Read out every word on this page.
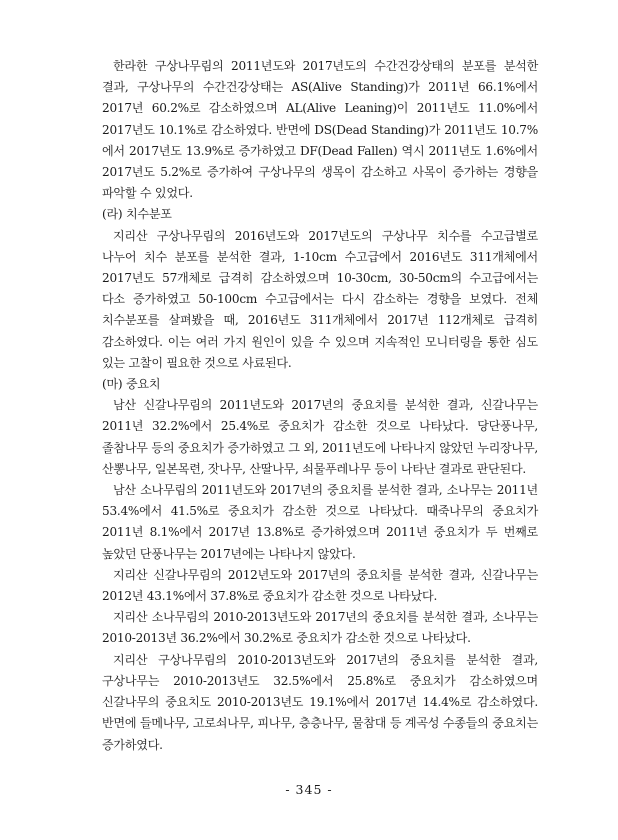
한라한 구상나무림의 2011년도와 2017년도의 수간건강상태의 분포를 분석한 결과, 구상나무의 수간건강상태는 AS(Alive Standing)가 2011년 66.1%에서 2017년 60.2%로 감소하였으며 AL(Alive Leaning)이 2011년도 11.0%에서 2017년도 10.1%로 감소하였다. 반면에 DS(Dead Standing)가 2011년도 10.7%에서 2017년도 13.9%로 증가하였고 DF(Dead Fallen) 역시 2011년도 1.6%에서 2017년도 5.2%로 증가하여 구상나무의 생목이 감소하고 사목이 증가하는 경향을 파악할 수 있었다.

(라) 치수분포

지리산 구상나무림의 2016년도와 2017년도의 구상나무 치수를 수고급별로 나누어 치수 분포를 분석한 결과, 1-10cm 수고급에서 2016년도 311개체에서 2017년도 57개체로 급격히 감소하였으며 10-30cm, 30-50cm의 수고급에서는 다소 증가하였고 50-100cm 수고급에서는 다시 감소하는 경향을 보였다. 전체 치수분포를 살펴봤을 때, 2016년도 311개체에서 2017년 112개체로 급격히 감소하였다. 이는 여러 가지 원인이 있을 수 있으며 지속적인 모니터링을 통한 심도 있는 고찰이 필요한 것으로 사료된다.

(마) 중요치

남산 신갈나무림의 2011년도와 2017년의 중요치를 분석한 결과, 신갈나무는 2011년 32.2%에서 25.4%로 중요치가 감소한 것으로 나타났다. 당단풍나무, 졸참나무 등의 중요치가 증가하였고 그 외, 2011년도에 나타나지 않았던 누리장나무, 산뽕나무, 일본목련, 잣나무, 산딸나무, 쇠물푸레나무 등이 나타난 결과로 판단된다.

남산 소나무림의 2011년도와 2017년의 중요치를 분석한 결과, 소나무는 2011년 53.4%에서 41.5%로 중요치가 감소한 것으로 나타났다. 때죽나무의 중요치가 2011년 8.1%에서 2017년 13.8%로 증가하였으며 2011년 중요치가 두 번째로 높았던 단풍나무는 2017년에는 나타나지 않았다.

지리산 신갈나무림의 2012년도와 2017년의 중요치를 분석한 결과, 신갈나무는 2012년 43.1%에서 37.8%로 중요치가 감소한 것으로 나타났다.

지리산 소나무림의 2010-2013년도와 2017년의 중요치를 분석한 결과, 소나무는 2010-2013년 36.2%에서 30.2%로 중요치가 감소한 것으로 나타났다.

지리산 구상나무림의 2010-2013년도와 2017년의 중요치를 분석한 결과, 구상나무는 2010-2013년도 32.5%에서 25.8%로 중요치가 감소하였으며 신갈나무의 중요치도 2010-2013년도 19.1%에서 2017년 14.4%로 감소하였다. 반면에 들메나무, 고로쇠나무, 피나무, 층층나무, 물참대 등 계곡성 수종들의 중요치는 증가하였다.

- 345 -
